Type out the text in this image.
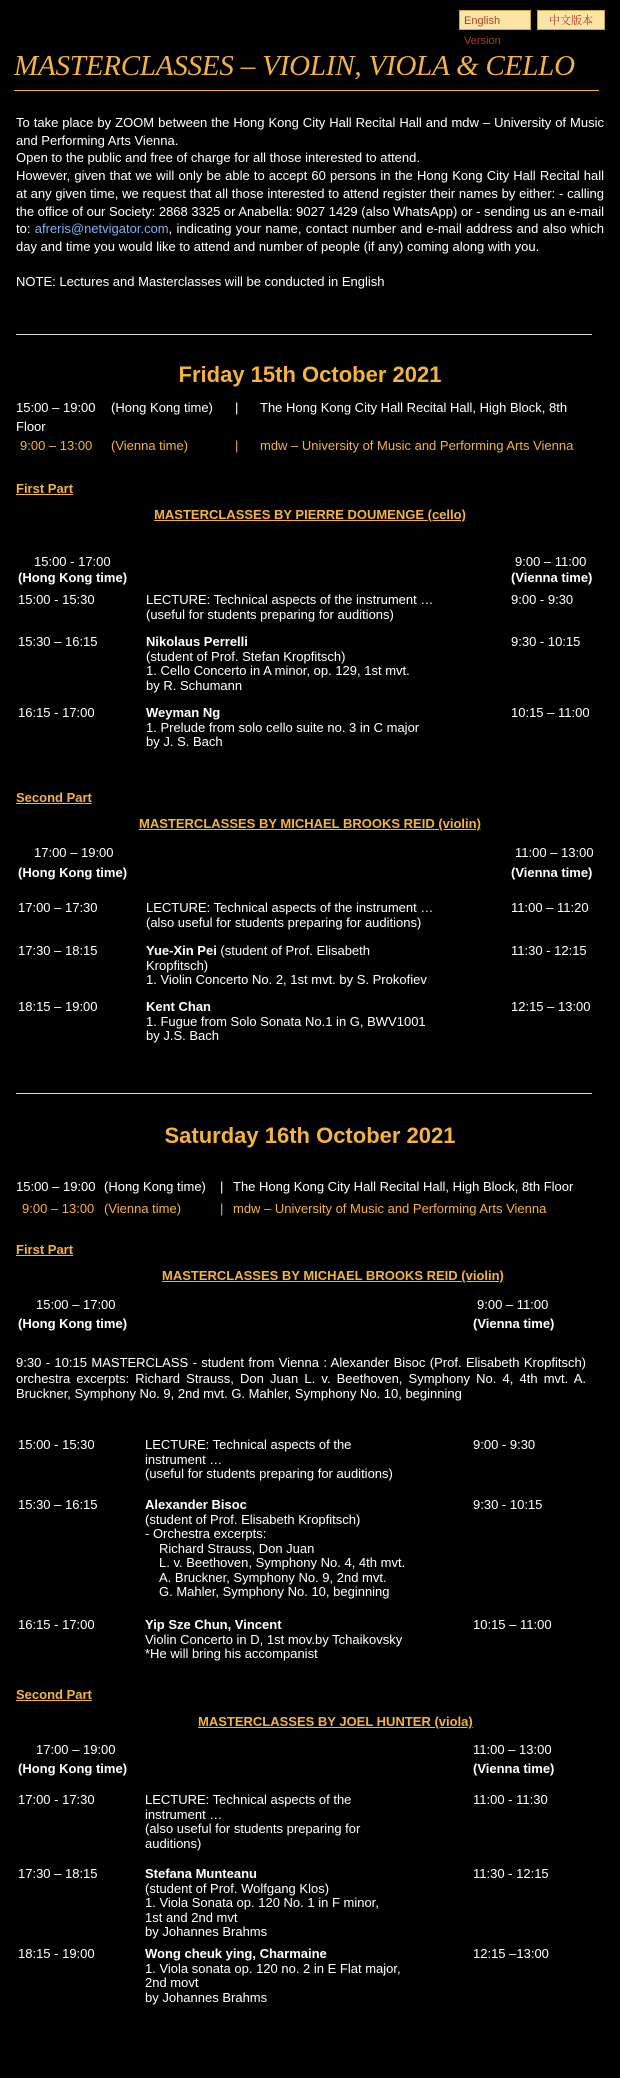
English Version
中文版本
MASTERCLASSES – VIOLIN, VIOLA & CELLO

To take place by ZOOM between the Hong Kong City Hall Recital Hall and mdw – University of Music and Performing Arts Vienna.

Open to the public and free of charge for all those interested to attend.

However, given that we will only be able to accept 60 persons in the Hong Kong City Hall Recital hall at any given time, we request that all those interested to attend register their names by either: - calling the office of our Society: 2868 3325 or Anabella: 9027 1429 (also WhatsApp) or - sending us an e-mail to: afreris@netvigator.com, indicating your name, contact number and e-mail address and also which day and time you would like to attend and number of people (if any) coming along with you.

NOTE: Lectures and Masterclasses will be conducted in English

Friday 15th October 2021
15:00 – 19:00 (Hong Kong time) | The Hong Kong City Hall Recital Hall, High Block, 8th
Floor
9:00 – 13:00 (Vienna time)	| mdw – University of Music and Performing Arts Vienna
First Part
MASTERCLASSES BY PIERRE DOUMENGE (cello)
15:00 - 17:00
(Hong Kong time)
9:00 – 11:00
(Vienna time)
15:00 - 15:30	LECTURE: Technical aspects of the instrument …
(useful for students preparing for auditions)
9:00 - 9:30
15:30 – 16:15	Nikolaus Perrelli
(student of Prof. Stefan Kropfitsch)
1. Cello Concerto in A minor, op. 129, 1st mvt.
by R. Schumann
9:30 - 10:15
16:15 - 17:00	Weyman Ng
1. Prelude from solo cello suite no. 3 in C major
by J. S. Bach
10:15 – 11:00
Second Part
MASTERCLASSES BY MICHAEL BROOKS REID (violin)
17:00 – 19:00
(Hong Kong time)
11:00 – 13:00
(Vienna time)
17:00 – 17:30	LECTURE: Technical aspects of the instrument …
(also useful for students preparing for auditions)
11:00 – 11:20
17:30 – 18:15	Yue-Xin Pei (student of Prof. Elisabeth
Kropfitsch)
1. Violin Concerto No. 2, 1st mvt. by S. Prokofiev
11:30 - 12:15
18:15 – 19:00	Kent Chan
1. Fugue from Solo Sonata No.1 in G, BWV1001
by J.S. Bach
12:15 – 13:00
Saturday 16th October 2021
15:00 – 19:00 (Hong Kong time) | The Hong Kong City Hall Recital Hall, High Block, 8th Floor
9:00 – 13:00 (Vienna time)	| mdw – University of Music and Performing Arts Vienna
First Part
MASTERCLASSES BY MICHAEL BROOKS REID (violin)
15:00 – 17:00
(Hong Kong time)
9:00 – 11:00
(Vienna time)
9:30 - 10:15 MASTERCLASS - student from Vienna : Alexander Bisoc (Prof. Elisabeth Kropfitsch) orchestra excerpts: Richard Strauss, Don Juan L. v. Beethoven, Symphony No. 4, 4th mvt. A. Bruckner, Symphony No. 9, 2nd mvt. G. Mahler, Symphony No. 10, beginning
15:00 - 15:30	LECTURE: Technical aspects of the
instrument …
(useful for students preparing for auditions)
9:00 - 9:30
15:30 – 16:15	Alexander Bisoc
(student of Prof. Elisabeth Kropfitsch)
- Orchestra excerpts:
Richard Strauss, Don Juan
L. v. Beethoven, Symphony No. 4, 4th mvt.
A. Bruckner, Symphony No. 9, 2nd mvt.
G. Mahler, Symphony No. 10, beginning
9:30 - 10:15
16:15 - 17:00	Yip Sze Chun, Vincent
Violin Concerto in D, 1st mov.by Tchaikovsky
*He will bring his accompanist
10:15 – 11:00
Second Part
MASTERCLASSES BY JOEL HUNTER (viola)
17:00 – 19:00
(Hong Kong time)
11:00 – 13:00
(Vienna time)
17:00 - 17:30	LECTURE: Technical aspects of the
instrument …
(also useful for students preparing for
auditions)
11:00 - 11:30
17:30 – 18:15	Stefana Munteanu
(student of Prof. Wolfgang Klos)
1. Viola Sonata op. 120 No. 1 in F minor,
1st and 2nd mvt
by Johannes Brahms
11:30 - 12:15
18:15 - 19:00	Wong cheuk ying, Charmaine
1. Viola sonata op. 120 no. 2 in E Flat major,
2nd movt
by Johannes Brahms
12:15 –13:00
